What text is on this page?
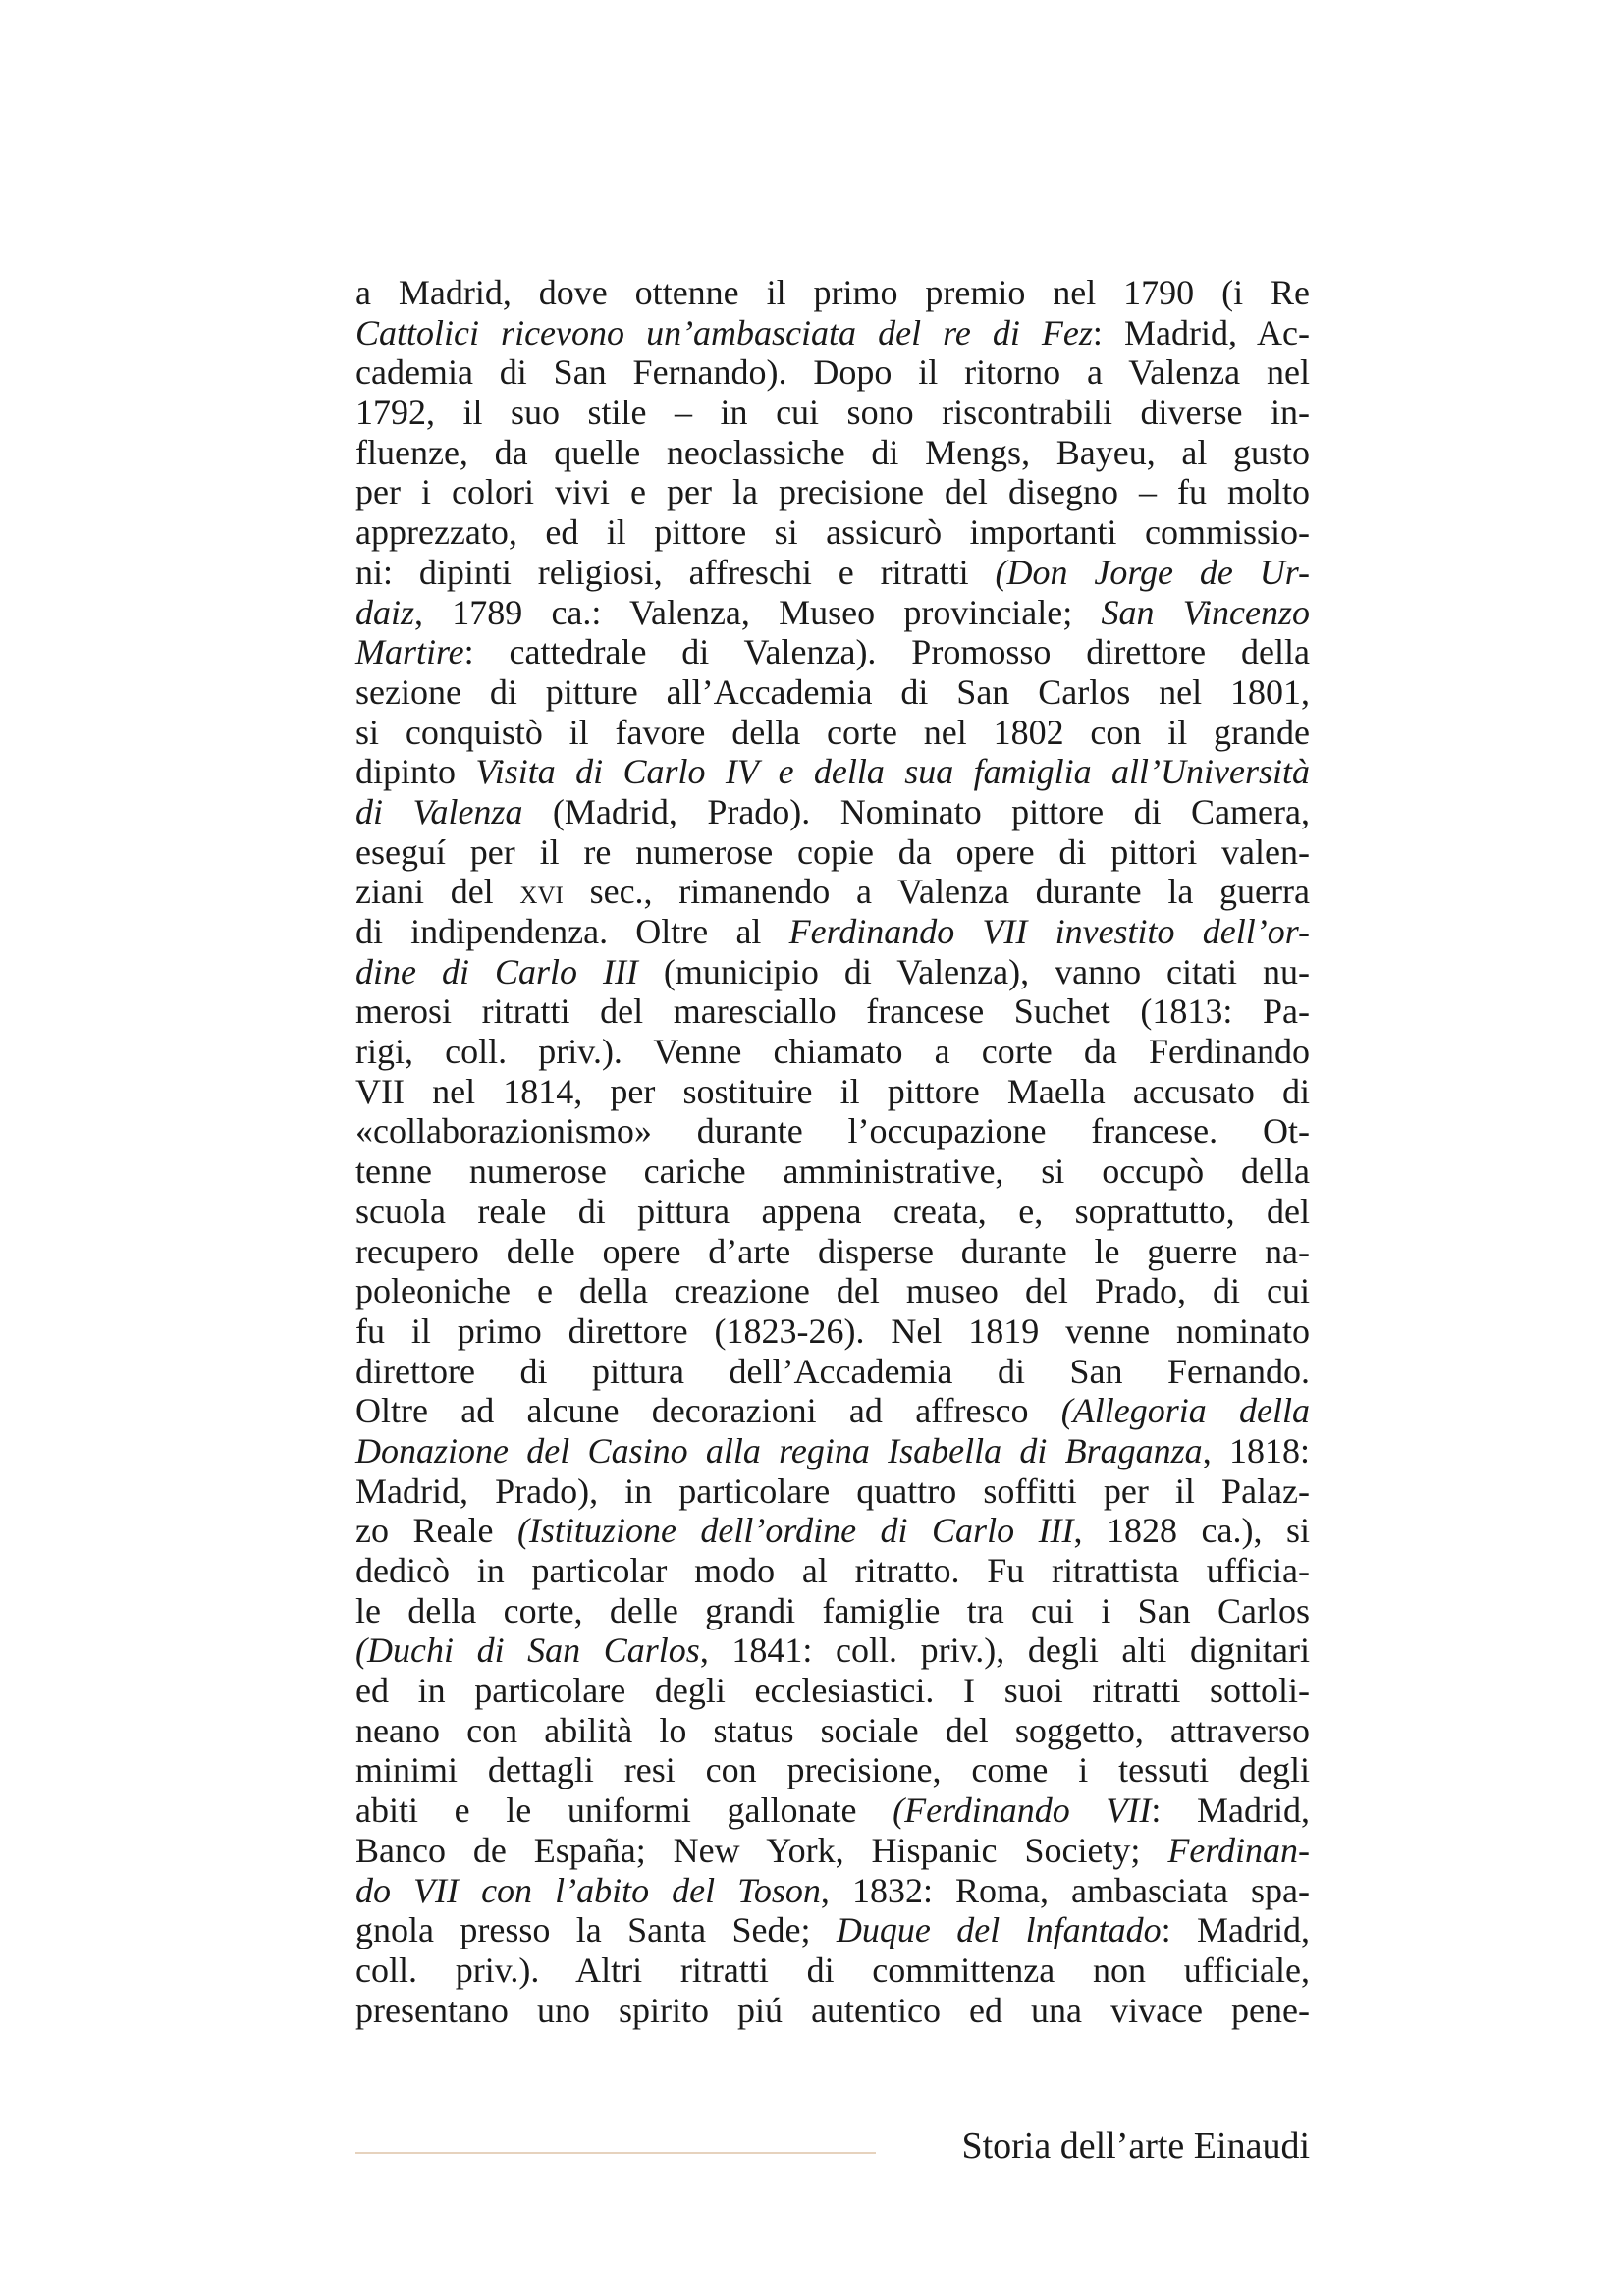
a Madrid, dove ottenne il primo premio nel 1790 (i Re
Cattolici ricevono un’ambasciata del re di Fez: Madrid, Ac-
cademia di San Fernando). Dopo il ritorno a Valenza nel
1792, il suo stile – in cui sono riscontrabili diverse in-
fluenze, da quelle neoclassiche di Mengs, Bayeu, al gusto
per i colori vivi e per la precisione del disegno – fu molto
apprezzato, ed il pittore si assicurò importanti commissio-
ni: dipinti religiosi, affreschi e ritratti (Don Jorge de Ur-
daiz, 1789 ca.: Valenza, Museo provinciale; San Vincenzo
Martire: cattedrale di Valenza). Promosso direttore della
sezione di pitture all’Accademia di San Carlos nel 1801,
si conquistò il favore della corte nel 1802 con il grande
dipinto Visita di Carlo IV e della sua famiglia all’Università
di Valenza (Madrid, Prado). Nominato pittore di Camera,
eseguí per il re numerose copie da opere di pittori valen-
ziani del xvi sec., rimanendo a Valenza durante la guerra
di indipendenza. Oltre al Ferdinando VII investito dell’or-
dine di Carlo III (municipio di Valenza), vanno citati nu-
merosi ritratti del maresciallo francese Suchet (1813: Pa-
rigi, coll. priv.). Venne chiamato a corte da Ferdinando
VII nel 1814, per sostituire il pittore Maella accusato di
«collaborazionismo» durante l’occupazione francese. Ot-
tenne numerose cariche amministrative, si occupò della
scuola reale di pittura appena creata, e, soprattutto, del
recupero delle opere d’arte disperse durante le guerre na-
poleoniche e della creazione del museo del Prado, di cui
fu il primo direttore (1823-26). Nel 1819 venne nominato
direttore di pittura dell’Accademia di San Fernando.
Oltre ad alcune decorazioni ad affresco (Allegoria della
Donazione del Casino alla regina Isabella di Braganza, 1818:
Madrid, Prado), in particolare quattro soffitti per il Palaz-
zo Reale (Istituzione dell’ordine di Carlo III, 1828 ca.), si
dedicò in particolar modo al ritratto. Fu ritrattista ufficia-
le della corte, delle grandi famiglie tra cui i San Carlos
(Duchi di San Carlos, 1841: coll. priv.), degli alti dignitari
ed in particolare degli ecclesiastici. I suoi ritratti sottoli-
neano con abilità lo status sociale del soggetto, attraverso
minimi dettagli resi con precisione, come i tessuti degli
abiti e le uniformi gallonate (Ferdinando VII: Madrid,
Banco de España; New York, Hispanic Society; Ferdinan-
do VII con l’abito del Toson, 1832: Roma, ambasciata spa-
gnola presso la Santa Sede; Duque del lnfantado: Madrid,
coll. priv.). Altri ritratti di committenza non ufficiale,
presentano uno spirito piú autentico ed una vivace pene-
Storia dell’arte Einaudi
